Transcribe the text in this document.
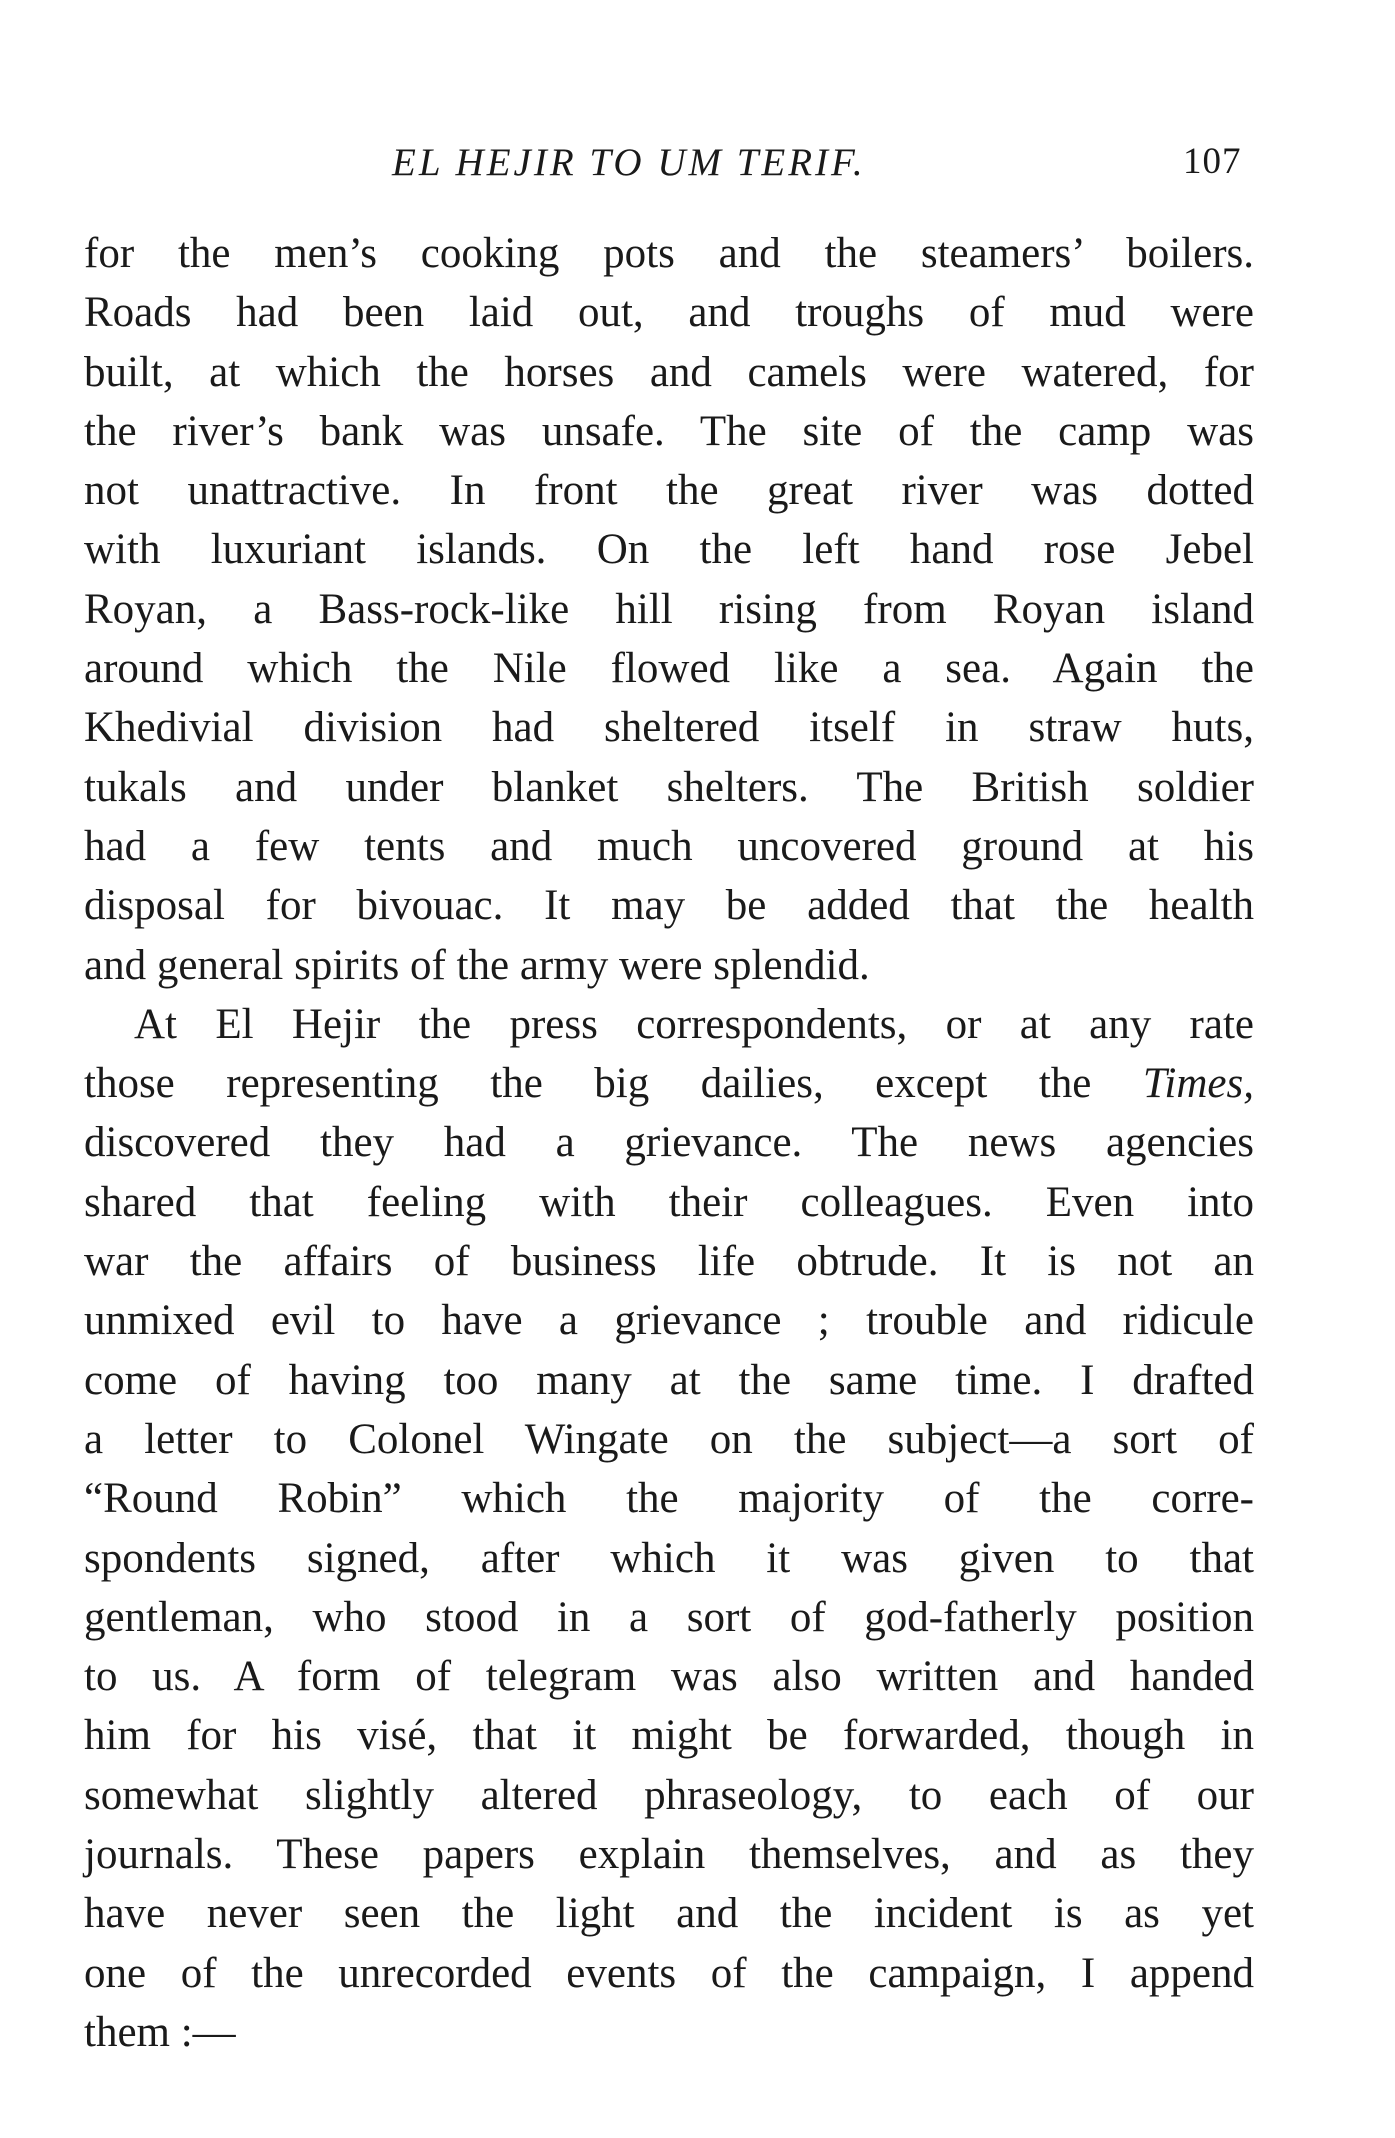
EL HEJIR TO UM TERIF.	107
for the men’s cooking pots and the steamers’ boilers.
Roads had been laid out, and troughs of mud were
built, at which the horses and camels were watered, for
the river’s bank was unsafe. The site of the camp was
not unattractive. In front the great river was dotted
with luxuriant islands. On the left hand rose Jebel
Royan, a Bass-rock-like hill rising from Royan island
around which the Nile flowed like a sea. Again the
Khedivial division had sheltered itself in straw huts,
tukals and under blanket shelters. The British soldier
had a few tents and much uncovered ground at his
disposal for bivouac. It may be added that the health
and general spirits of the army were splendid.
At El Hejir the press correspondents, or at any rate
those representing the big dailies, except the Times,
discovered they had a grievance. The news agencies
shared that feeling with their colleagues. Even into
war the affairs of business life obtrude. It is not an
unmixed evil to have a grievance ; trouble and ridicule
come of having too many at the same time. I drafted
a letter to Colonel Wingate on the subject—a sort of
“Round Robin” which the majority of the corre-
spondents signed, after which it was given to that
gentleman, who stood in a sort of god-fatherly position
to us. A form of telegram was also written and handed
him for his visé, that it might be forwarded, though in
somewhat slightly altered phraseology, to each of our
journals. These papers explain themselves, and as they
have never seen the light and the incident is as yet
one of the unrecorded events of the campaign, I append
them :—
